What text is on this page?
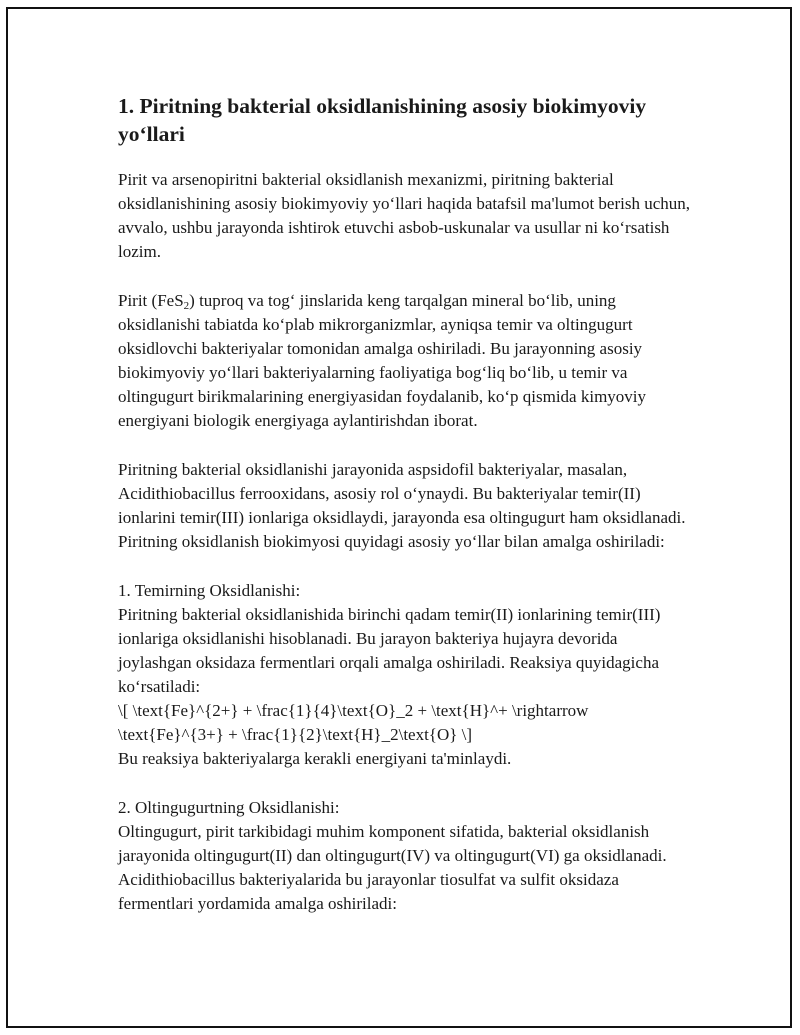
1. Piritning bakterial oksidlanishining asosiy biokimyoviy yo‘llari

Pirit va arsenopiritni bakterial oksidlanish mexanizmi, piritning bakterial oksidlanishining asosiy biokimyoviy yo‘llari haqida batafsil ma'lumot berish uchun, avvalo, ushbu jarayonda ishtirok etuvchi asbob-uskunalar va usullar ni ko‘rsatish lozim.

Pirit (FeS$_2$) tuproq va tog‘ jinslarida keng tarqalgan mineral bo‘lib, uning oksidlanishi tabiatda ko‘plab mikrorganizmlar, ayniqsa temir va oltingugurt oksidlovchi bakteriyalar tomonidan amalga oshiriladi. Bu jarayonning asosiy biokimyoviy yo‘llari bakteriyalarning faoliyatiga bog‘liq bo‘lib, u temir va oltingugurt birikmalarining energiyasidan foydalanib, ko‘p qismida kimyoviy energiyani biologik energiyaga aylantirishdan iborat.

Piritning bakterial oksidlanishi jarayonida aspsidofil bakteriyalar, masalan, Acidithiobacillus ferrooxidans, asosiy rol o‘ynaydi. Bu bakteriyalar temir(II) ionlarini temir(III) ionlariga oksidlaydi, jarayonda esa oltingugurt ham oksidlanadi. Piritning oksidlanish biokimyosi quyidagi asosiy yo‘llar bilan amalga oshiriladi:

1. Temirning Oksidlanishi:

Piritning bakterial oksidlanishida birinchi qadam temir(II) ionlarining temir(III) ionlariga oksidlanishi hisoblanadi. Bu jarayon bakteriya hujayra devorida joylashgan oksidaza fermentlari orqali amalga oshiriladi. Reaksiya quyidagicha ko‘rsatiladi:

\[ \text{Fe}^{2+} + \frac{1}{4}\text{O}_2 + \text{H}^+ \rightarrow \text{Fe}^{3+} + \frac{1}{2}\text{H}_2\text{O} \]

Bu reaksiya bakteriyalarga kerakli energiyani ta'minlaydi.

2. Oltingugurtning Oksidlanishi:

Oltingugurt, pirit tarkibidagi muhim komponent sifatida, bakterial oksidlanish jarayonida oltingugurt(II) dan oltingugurt(IV) va oltingugurt(VI) ga oksidlanadi. Acidithiobacillus bakteriyalarida bu jarayonlar tiosulfat va sulfit oksidaza fermentlari yordamida amalga oshiriladi:
